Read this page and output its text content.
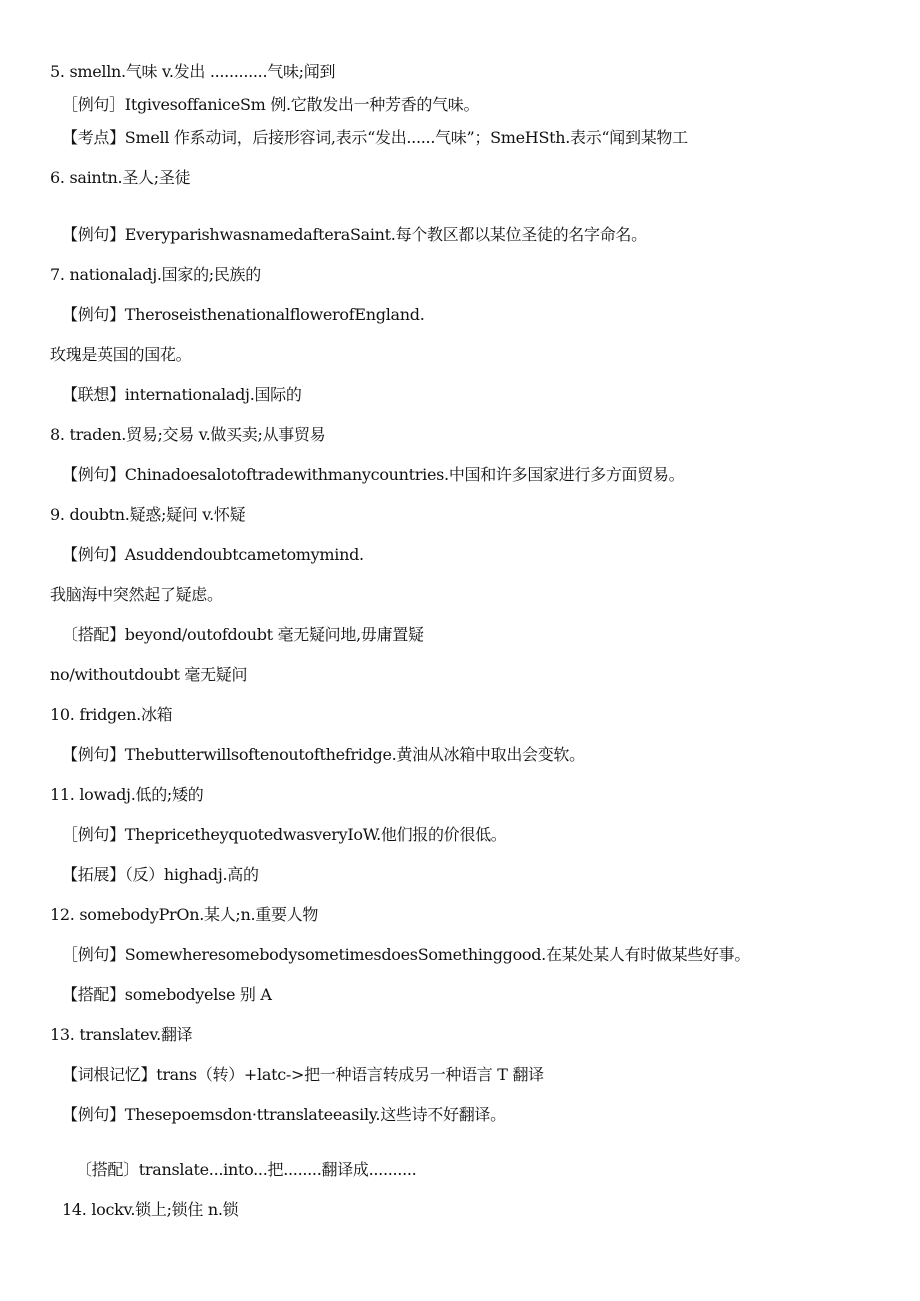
5. smelln.气味 v.发出 ............气味;闻到
［例句］ItgivesoffaniceSm 例.它散发出一种芳香的气味。
【考点】Smell 作系动词，后接形容词,表示“发出......气味”；SmeHSth.表示“闻到某物工
6. saintn.圣人;圣徒
【例句】EveryparishwasnamedafteraSaint.每个教区都以某位圣徒的名字命名。
7. nationaladj.国家的;民族的
【例句】TheroseisthenationalflowerofEngland.
玫瑰是英国的国花。
【联想】internationaladj.国际的
8. traden.贸易;交易 v.做买卖;从事贸易
【例句】Chinadoesalotoftradewithmanycountries.中国和许多国家进行多方面贸易。
9. doubtn.疑惑;疑问 v.怀疑
【例句】Asuddendoubtcametomymind.
我脑海中突然起了疑虑。
〔搭配】beyond/outofdoubt 毫无疑问地,毋庸置疑
no/withoutdoubt 毫无疑问
10. fridgen.冰箱
【例句】Thebutterwillsoftenoutofthefridge.黄油从冰箱中取出会变软。
11. lowadj.低的;矮的
［例句】ThepricetheyquotedwasveryIoW.他们报的价很低。
【拓展】（反）highadj.高的
12. somebodyPrOn.某人;n.重要人物
［例句】SomewheresomebodysometimesdoesSomethinggood.在某处某人有时做某些好事。
【搭配】somebodyelse 别 A
13. translatev.翻译
【词根记忆】trans（转）+latc->把一种语言转成另一种语言 T 翻译
【例句】Thesepoemsdon·ttranslateeasily.这些诗不好翻译。
〔搭配〕translate...into...把........翻译成..........
14. lockv.锁上;锁住 n.锁
